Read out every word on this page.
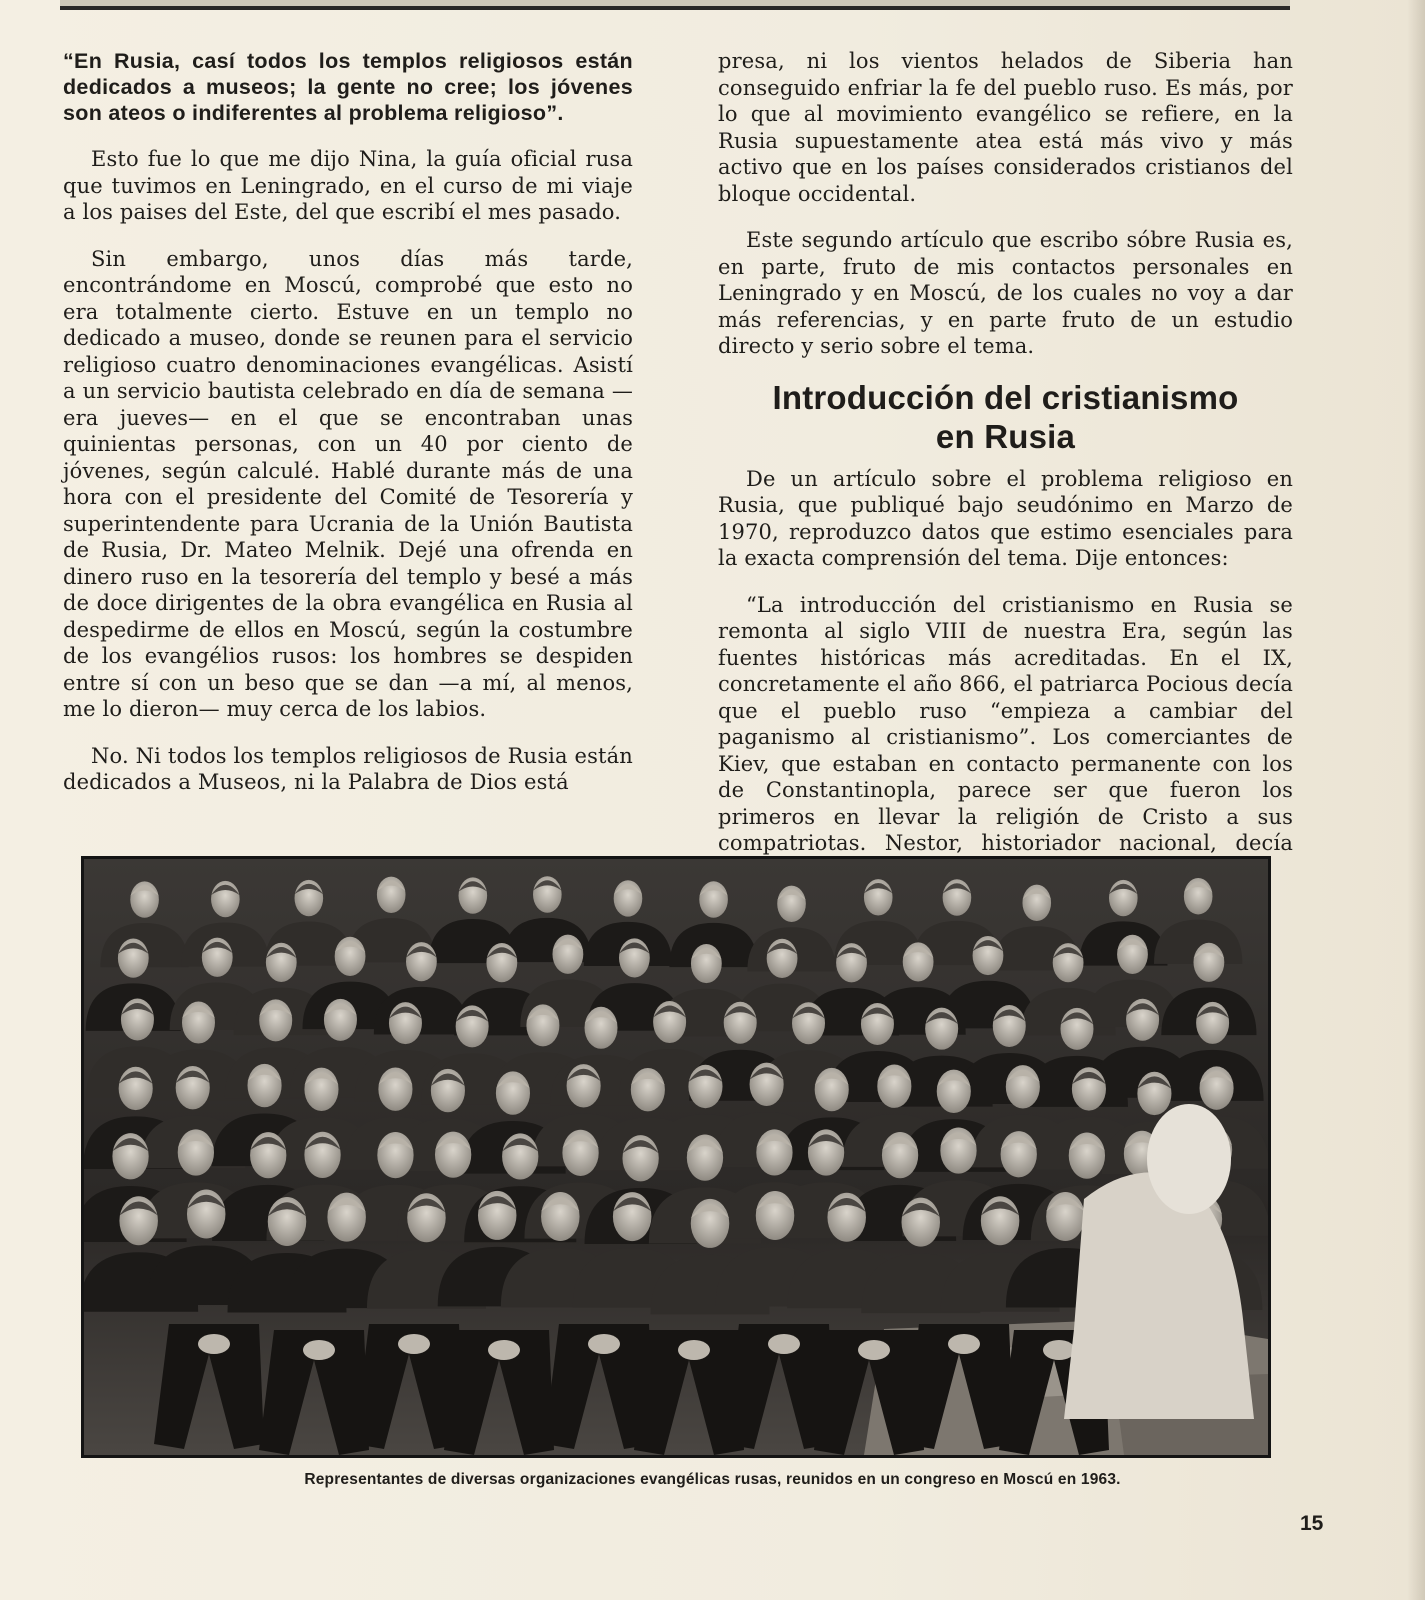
“En Rusia, casí todos los templos religiosos están dedicados a museos; la gente no cree; los jóvenes son ateos o indiferentes al problema religioso”.

Esto fue lo que me dijo Nina, la guía oficial rusa que tuvimos en Leningrado, en el curso de mi viaje a los paises del Este, del que escribí el mes pasado.

Sin embargo, unos días más tarde, encontrándome en Moscú, comprobé que esto no era totalmente cierto. Estuve en un templo no dedicado a museo, donde se reunen para el servicio religioso cuatro denominaciones evangélicas. Asistí a un servicio bautista celebrado en día de semana —era jueves— en el que se encontraban unas quinientas personas, con un 40 por ciento de jóvenes, según calculé. Hablé durante más de una hora con el presidente del Comité de Tesorería y superintendente para Ucrania de la Unión Bautista de Rusia, Dr. Mateo Melnik. Dejé una ofrenda en dinero ruso en la tesorería del templo y besé a más de doce dirigentes de la obra evangélica en Rusia al despedirme de ellos en Moscú, según la costumbre de los evangélios rusos: los hombres se despiden entre sí con un beso que se dan —a mí, al menos, me lo dieron— muy cerca de los labios.

No. Ni todos los templos religiosos de Rusia están dedicados a Museos, ni la Palabra de Dios está

presa, ni los vientos helados de Siberia han conseguido enfriar la fe del pueblo ruso. Es más, por lo que al movimiento evangélico se refiere, en la Rusia supuestamente atea está más vivo y más activo que en los países considerados cristianos del bloque occidental.

Este segundo artículo que escribo sóbre Rusia es, en parte, fruto de mis contactos personales en Leningrado y en Moscú, de los cuales no voy a dar más referencias, y en parte fruto de un estudio directo y serio sobre el tema.

Introducción del cristianismo
en Rusia

De un artículo sobre el problema religioso en Rusia, que publiqué bajo seudónimo en Marzo de 1970, reproduzco datos que estimo esenciales para la exacta comprensión del tema. Dije entonces:

“La introducción del cristianismo en Rusia se remonta al siglo VIII de nuestra Era, según las fuentes históricas más acreditadas. En el IX, concretamente el año 866, el patriarca Pocious decía que el pueblo ruso “empieza a cambiar del paganismo al cristianismo”. Los comerciantes de Kiev, que estaban en contacto permanente con los de Constantinopla, parece ser que fueron los primeros en llevar la religión de Cristo a sus compatriotas. Nestor, historiador nacional, decía

Representantes de diversas organizaciones evangélicas rusas, reunidos en un congreso en Moscú en 1963.
15
